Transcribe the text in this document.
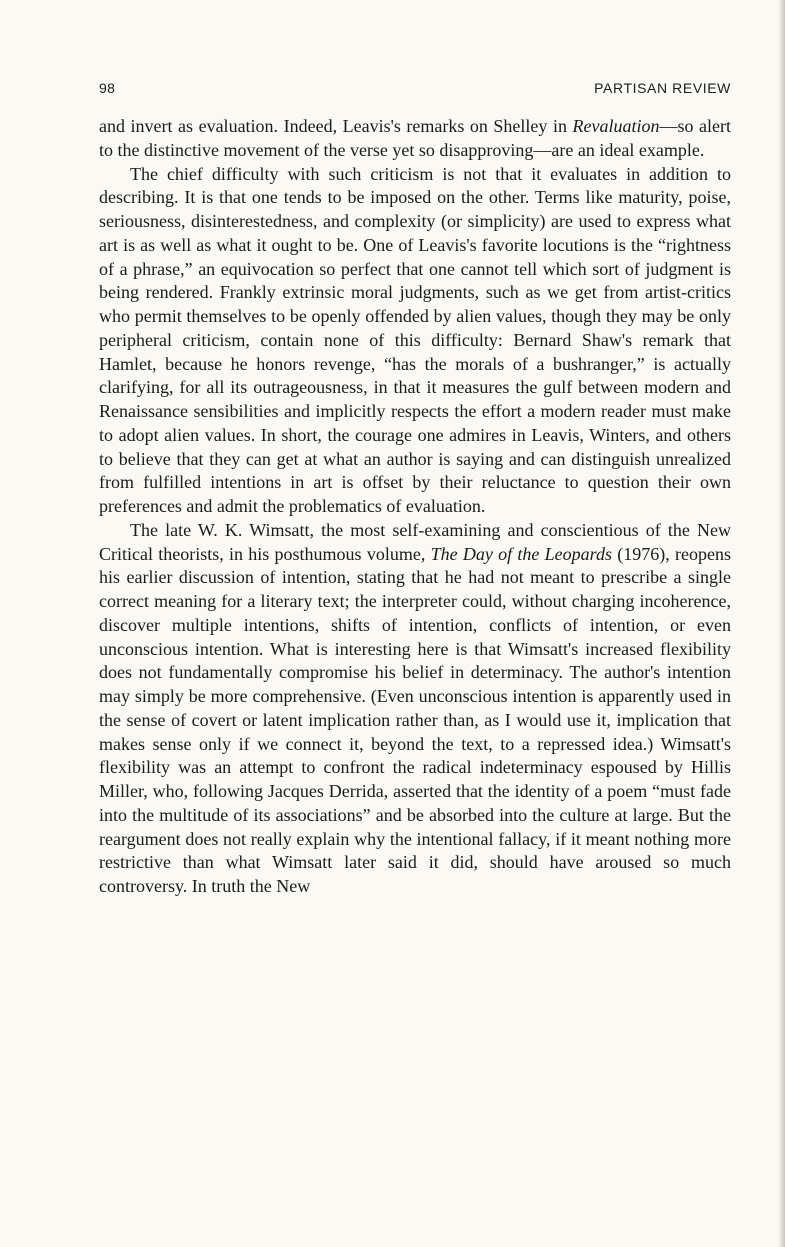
98	PARTISAN REVIEW

and invert as evaluation. Indeed, Leavis's remarks on Shelley in Revaluation—so alert to the distinctive movement of the verse yet so disapproving—are an ideal example.

The chief difficulty with such criticism is not that it evaluates in addition to describing. It is that one tends to be imposed on the other. Terms like maturity, poise, seriousness, disinterestedness, and complexity (or simplicity) are used to express what art is as well as what it ought to be. One of Leavis's favorite locutions is the “rightness of a phrase,” an equivocation so perfect that one cannot tell which sort of judgment is being rendered. Frankly extrinsic moral judgments, such as we get from artist-critics who permit themselves to be openly offended by alien values, though they may be only peripheral criticism, contain none of this difficulty: Bernard Shaw's remark that Hamlet, because he honors revenge, “has the morals of a bushranger,” is actually clarifying, for all its outrageousness, in that it measures the gulf between modern and Renaissance sensibilities and implicitly respects the effort a modern reader must make to adopt alien values. In short, the courage one admires in Leavis, Winters, and others to believe that they can get at what an author is saying and can distinguish unrealized from fulfilled intentions in art is offset by their reluctance to question their own preferences and admit the problematics of evaluation.

The late W. K. Wimsatt, the most self-examining and conscientious of the New Critical theorists, in his posthumous volume, The Day of the Leopards (1976), reopens his earlier discussion of intention, stating that he had not meant to prescribe a single correct meaning for a literary text; the interpreter could, without charging incoherence, discover multiple intentions, shifts of intention, conflicts of intention, or even unconscious intention. What is interesting here is that Wimsatt's increased flexibility does not fundamentally compromise his belief in determinacy. The author's intention may simply be more comprehensive. (Even unconscious intention is apparently used in the sense of covert or latent implication rather than, as I would use it, implication that makes sense only if we connect it, beyond the text, to a repressed idea.) Wimsatt's flexibility was an attempt to confront the radical indeterminacy espoused by Hillis Miller, who, following Jacques Derrida, asserted that the identity of a poem “must fade into the multitude of its associations” and be absorbed into the culture at large. But the reargument does not really explain why the intentional fallacy, if it meant nothing more restrictive than what Wimsatt later said it did, should have aroused so much controversy. In truth the New
